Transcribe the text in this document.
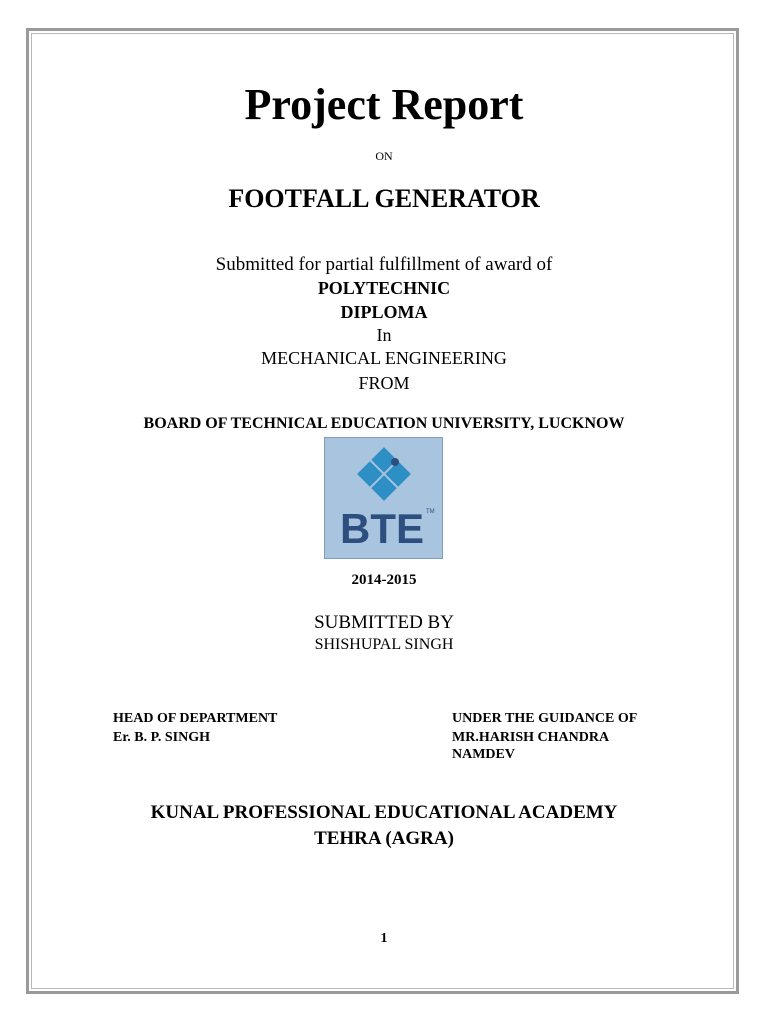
Project Report
ON
FOOTFALL GENERATOR
Submitted for partial fulfillment of award of
POLYTECHNIC
DIPLOMA
In
MECHANICAL ENGINEERING
FROM
BOARD OF TECHNICAL EDUCATION UNIVERSITY, LUCKNOW
BTE TM
2014-2015
SUBMITTED BY
SHISHUPAL SINGH
HEAD OF DEPARTMENT
Er. B. P. SINGH
UNDER THE GUIDANCE OF
MR.HARISH CHANDRA
NAMDEV
KUNAL PROFESSIONAL EDUCATIONAL ACADEMY
TEHRA (AGRA)
1
